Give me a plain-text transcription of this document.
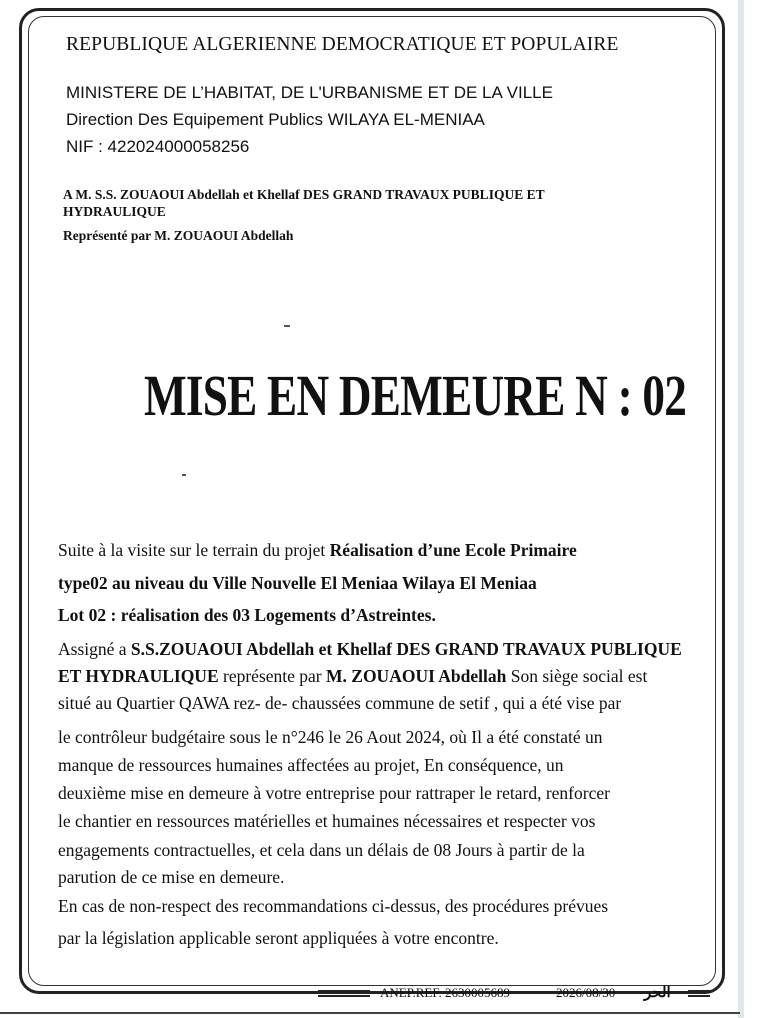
REPUBLIQUE ALGERIENNE DEMOCRATIQUE ET POPULAIRE
MINISTERE DE L’HABITAT, DE L'URBANISME ET DE LA VILLE
Direction Des Equipement Publics WILAYA EL-MENIAA
NIF : 422024000058256
A M. S.S. ZOUAOUI Abdellah et Khellaf DES GRAND TRAVAUX PUBLIQUE ET
HYDRAULIQUE
Représenté par M. ZOUAOUI Abdellah
MISE EN DEMEURE N : 02
Suite à la visite sur le terrain du projet Réalisation d’une Ecole Primaire
type02 au niveau du Ville Nouvelle El Meniaa Wilaya El Meniaa
Lot 02 : réalisation des 03 Logements d’Astreintes.
Assigné a S.S.ZOUAOUI Abdellah et Khellaf DES GRAND TRAVAUX PUBLIQUE
ET HYDRAULIQUE représente par M. ZOUAOUI Abdellah Son siège social est
situé au Quartier QAWA rez- de- chaussées commune de setif , qui a été vise par
le contrôleur budgétaire sous le n°246 le 26 Aout 2024, où Il a été constaté un
manque de ressources humaines affectées au projet, En conséquence, un
deuxième mise en demeure à votre entreprise pour rattraper le retard, renforcer
le chantier en ressources matérielles et humaines nécessaires et respecter vos
engagements contractuelles, et cela dans un délais de 08 Jours à partir de la
parution de ce mise en demeure.
En cas de non-respect des recommandations ci-dessus, des procédures prévues
par la législation applicable seront appliquées à votre encontre.
ANEP.REF. 2630005689	2026/08/30 الحر
